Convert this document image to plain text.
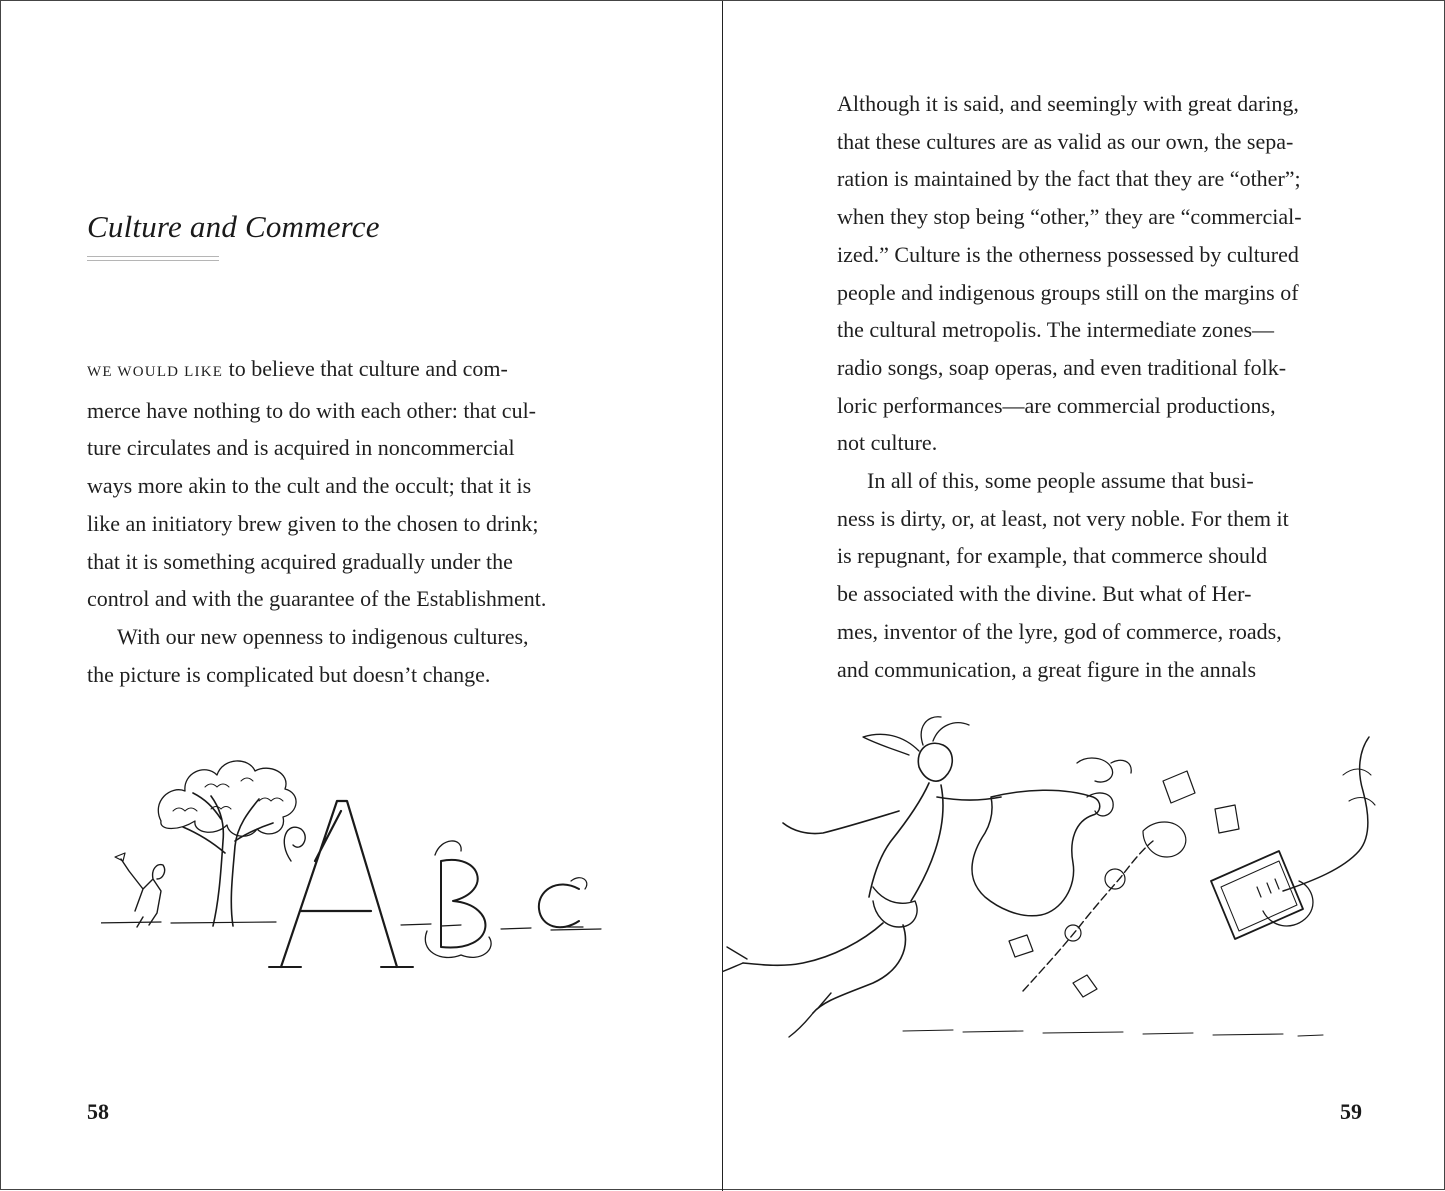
Culture and Commerce

WE WOULD LIKE to believe that culture and com-
merce have nothing to do with each other: that cul-
ture circulates and is acquired in noncommercial
ways more akin to the cult and the occult; that it is
like an initiatory brew given to the chosen to drink;
that it is something acquired gradually under the
control and with the guarantee of the Establishment.
With our new openness to indigenous cultures,
the picture is complicated but doesn’t change.

58

Although it is said, and seemingly with great daring,
that these cultures are as valid as our own, the sepa-
ration is maintained by the fact that they are “other”;
when they stop being “other,” they are “commercial-
ized.” Culture is the otherness possessed by cultured
people and indigenous groups still on the margins of
the cultural metropolis. The intermediate zones—
radio songs, soap operas, and even traditional folk-
loric performances—are commercial productions,
not culture.
In all of this, some people assume that busi-
ness is dirty, or, at least, not very noble. For them it
is repugnant, for example, that commerce should
be associated with the divine. But what of Her-
mes, inventor of the lyre, god of commerce, roads,
and communication, a great figure in the annals

59
